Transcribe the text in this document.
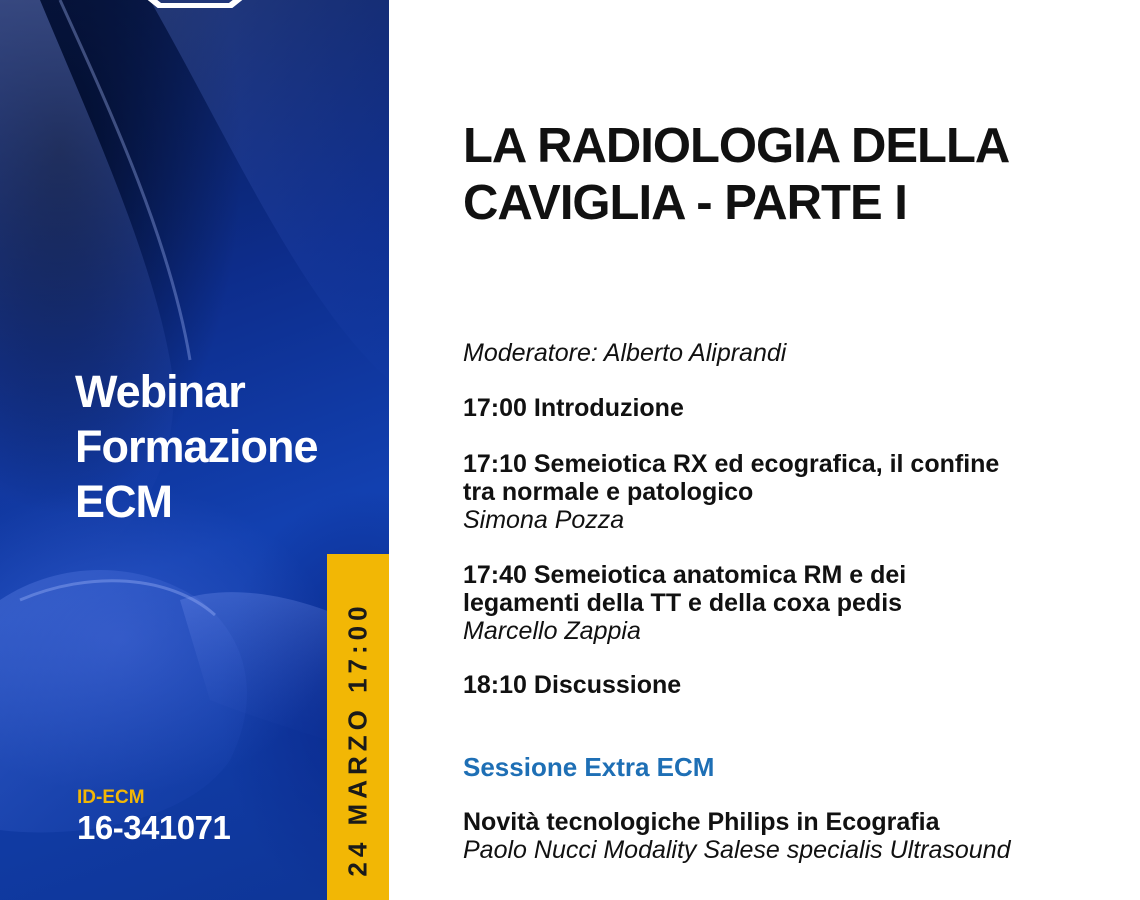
Webinar
Formazione
ECM
ID-ECM
16-341071	24 MARZO 17:00
LA RADIOLOGIA DELLA
CAVIGLIA - PARTE I
Moderatore: Alberto Aliprandi
17:00 Introduzione
17:10 Semeiotica RX ed ecografica, il confine
tra normale e patologico
Simona Pozza
17:40 Semeiotica anatomica RM e dei
legamenti della TT e della coxa pedis
Marcello Zappia
18:10 Discussione
Sessione Extra ECM
Novità tecnologiche Philips in Ecografia
Paolo Nucci Modality Salese specialis Ultrasound
